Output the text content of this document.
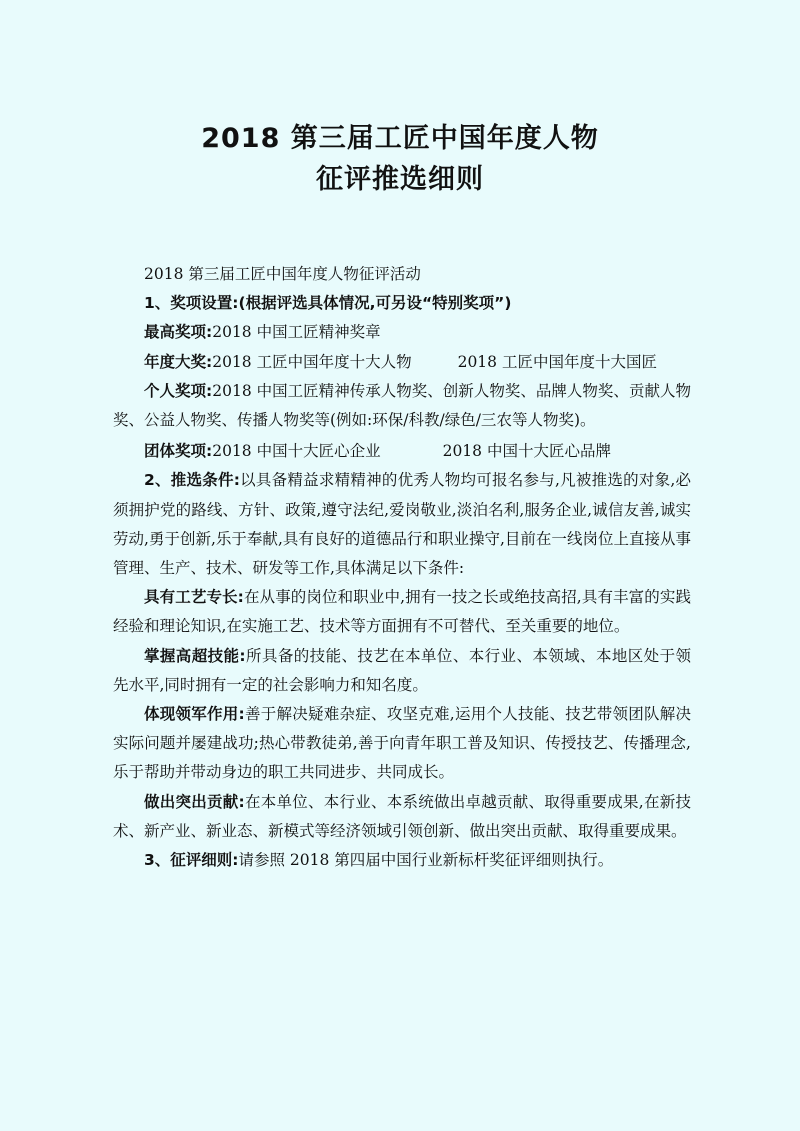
2018 第三届工匠中国年度人物
征评推选细则

2018 第三届工匠中国年度人物征评活动

1、奖项设置:(根据评选具体情况,可另设“特别奖项”)

最高奖项:2018 中国工匠精神奖章

年度大奖:2018 工匠中国年度十大人物	2018 工匠中国年度十大国匠

个人奖项:2018 中国工匠精神传承人物奖、创新人物奖、品牌人物奖、贡献人物奖、公益人物奖、传播人物奖等(例如:环保/科教/绿色/三农等人物奖)。

团体奖项:2018 中国十大匠心企业	2018 中国十大匠心品牌

2、推选条件:以具备精益求精精神的优秀人物均可报名参与,凡被推选的对象,必须拥护党的路线、方针、政策,遵守法纪,爱岗敬业,淡泊名利,服务企业,诚信友善,诚实劳动,勇于创新,乐于奉献,具有良好的道德品行和职业操守,目前在一线岗位上直接从事管理、生产、技术、研发等工作,具体满足以下条件:

具有工艺专长:在从事的岗位和职业中,拥有一技之长或绝技高招,具有丰富的实践经验和理论知识,在实施工艺、技术等方面拥有不可替代、至关重要的地位。

掌握高超技能:所具备的技能、技艺在本单位、本行业、本领域、本地区处于领先水平,同时拥有一定的社会影响力和知名度。

体现领军作用:善于解决疑难杂症、攻坚克难,运用个人技能、技艺带领团队解决实际问题并屡建战功;热心带教徒弟,善于向青年职工普及知识、传授技艺、传播理念,乐于帮助并带动身边的职工共同进步、共同成长。

做出突出贡献:在本单位、本行业、本系统做出卓越贡献、取得重要成果,在新技术、新产业、新业态、新模式等经济领域引领创新、做出突出贡献、取得重要成果。

3、征评细则:请参照 2018 第四届中国行业新标杆奖征评细则执行。
